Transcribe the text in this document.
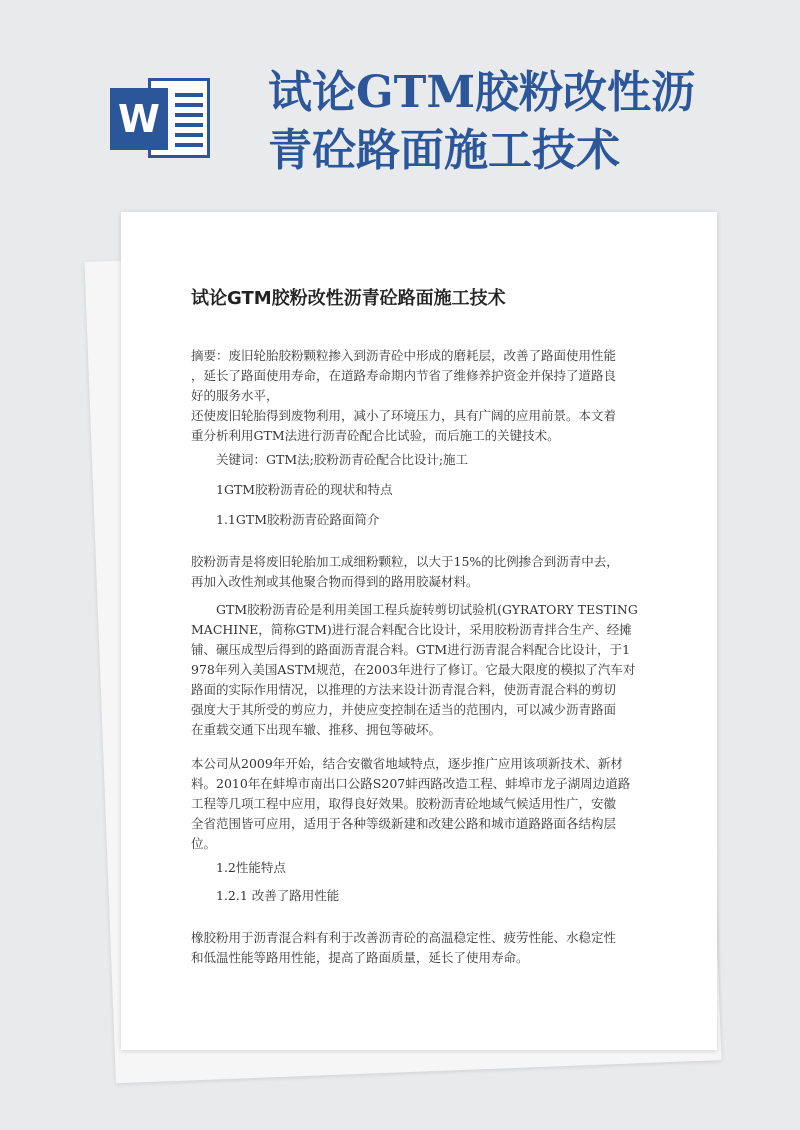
W
试论GTM胶粉改性沥
青砼路面施工技术
试论GTM胶粉改性沥青砼路面施工技术
摘要：废旧轮胎胶粉颗粒掺入到沥青砼中形成的磨耗层，改善了路面使用性能
，延长了路面使用寿命，在道路寿命期内节省了维修养护资金并保持了道路良
好的服务水平，
还使废旧轮胎得到废物利用，减小了环境压力，具有广阔的应用前景。本文着
重分析利用GTM法进行沥青砼配合比试验，而后施工的关键技术。
关键词：GTM法;胶粉沥青砼配合比设计;施工
1GTM胶粉沥青砼的现状和特点
1.1GTM胶粉沥青砼路面简介
胶粉沥青是将废旧轮胎加工成细粉颗粒，以大于15%的比例掺合到沥青中去，
再加入改性剂或其他聚合物而得到的路用胶凝材料。
GTM胶粉沥青砼是利用美国工程兵旋转剪切试验机(GYRATORY TESTING
MACHINE，简称GTM)进行混合料配合比设计，采用胶粉沥青拌合生产、经摊
铺、碾压成型后得到的路面沥青混合料。GTM进行沥青混合料配合比设计，于1
978年列入美国ASTM规范，在2003年进行了修订。它最大限度的模拟了汽车对
路面的实际作用情况，以推理的方法来设计沥青混合料，使沥青混合料的剪切
强度大于其所受的剪应力，并使应变控制在适当的范围内，可以减少沥青路面
在重载交通下出现车辙、推移、拥包等破坏。
本公司从2009年开始，结合安徽省地域特点，逐步推广应用该项新技术、新材
料。2010年在蚌埠市南出口公路S207蚌西路改造工程、蚌埠市龙子湖周边道路
工程等几项工程中应用，取得良好效果。胶粉沥青砼地域气候适用性广，安徽
全省范围皆可应用，适用于各种等级新建和改建公路和城市道路路面各结构层
位。
1.2性能特点
1.2.1 改善了路用性能
橡胶粉用于沥青混合料有利于改善沥青砼的高温稳定性、疲劳性能、水稳定性
和低温性能等路用性能，提高了路面质量，延长了使用寿命。
